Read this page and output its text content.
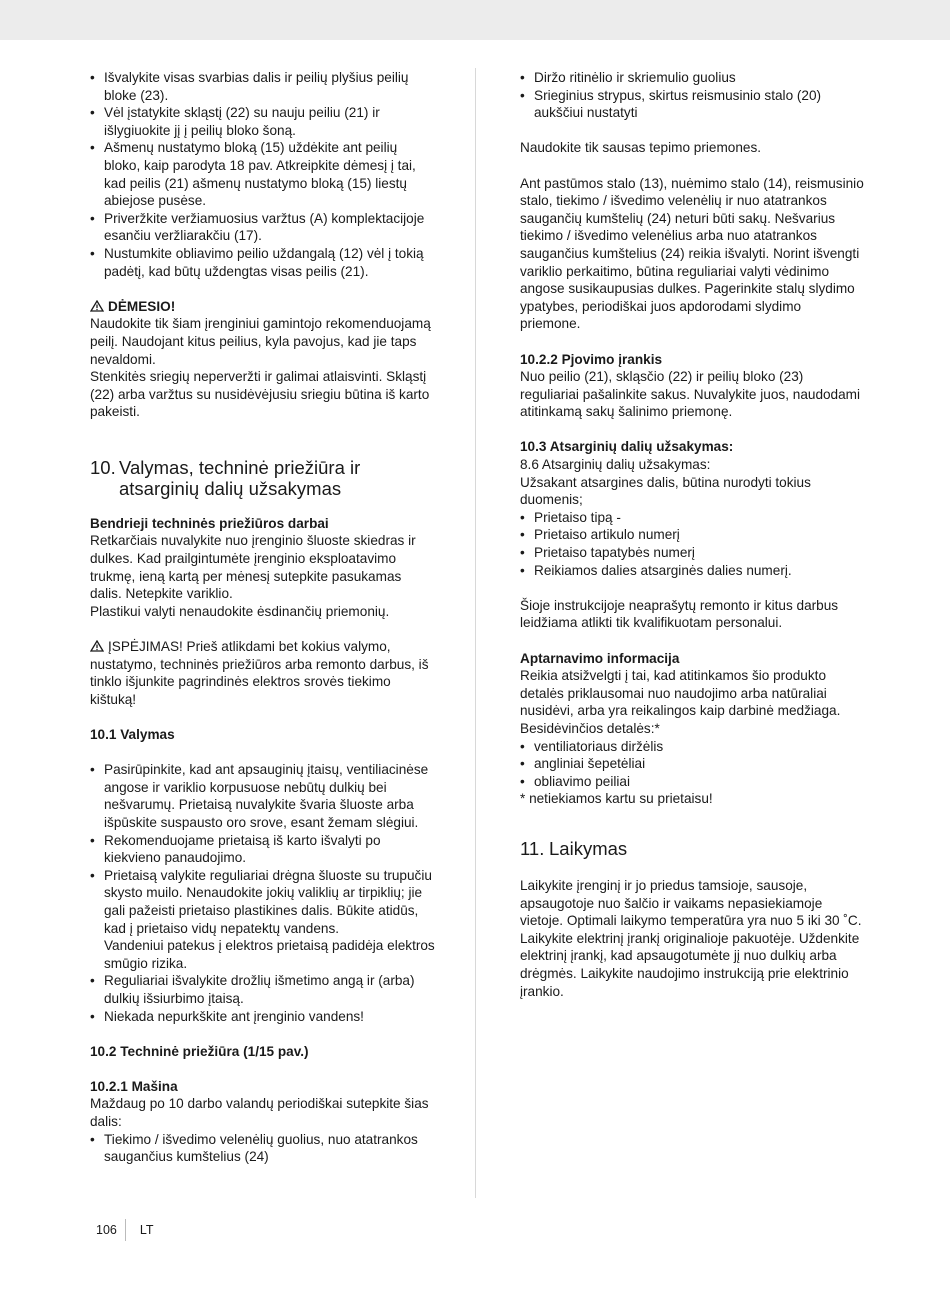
• Išvalykite visas svarbias dalis ir peilių plyšius peilių bloke (23).
• Vėl įstatykite skląstį (22) su nauju peiliu (21) ir išlygiuokite jį į peilių bloko šoną.
• Ašmenų nustatymo bloką (15) uždėkite ant peilių bloko, kaip parodyta 18 pav. Atkreipkite dėmesį į tai, kad peilis (21) ašmenų nustatymo bloką (15) liestų abiejose pusėse.
• Priveržkite veržiamuosius varžtus (A) komplektacijoje esančiu veržliarakčiu (17).
• Nustumkite obliavimo peilio uždangalą (12) vėl į tokią padėtį, kad būtų uždengtas visas peilis (21).

DĖMESIO!

Naudokite tik šiam įrenginiui gamintojo rekomenduojamą peilį. Naudojant kitus peilius, kyla pavojus, kad jie taps nevaldomi.

Stenkitės sriegių neperveržti ir galimai atlaisvinti. Skląstį (22) arba varžtus su nusidėvėjusiu sriegiu būtina iš karto pakeisti.

10. Valymas, techninė priežiūra ir
atsarginių dalių užsakymas

Bendrieji techninės priežiūros darbai

Retkarčiais nuvalykite nuo įrenginio šluoste skiedras ir dulkes. Kad prailgintumėte įrenginio eksploatavimo trukmę, ieną kartą per mėnesį sutepkite pasukamas dalis. Netepkite variklio.

Plastikui valyti nenaudokite ėsdinančių priemonių.

ĮSPĖJIMAS! Prieš atlikdami bet kokius valymo, nustatymo, techninės priežiūros arba remonto darbus, iš tinklo išjunkite pagrindinės elektros srovės tiekimo kištuką!

10.1 Valymas

• Pasirūpinkite, kad ant apsauginių įtaisų, ventiliacinėse angose ir variklio korpusuose nebūtų dulkių bei nešvarumų. Prietaisą nuvalykite švaria šluoste arba išpūskite suspausto oro srove, esant žemam slėgiui.
• Rekomenduojame prietaisą iš karto išvalyti po kiekvieno panaudojimo.
• Prietaisą valykite reguliariai drėgna šluoste su trupučiu skysto muilo. Nenaudokite jokių valiklių ar tirpiklių; jie gali pažeisti prietaiso plastikines dalis. Būkite atidūs, kad į prietaiso vidų nepatektų vandens.
Vandeniui patekus į elektros prietaisą padidėja elektros smūgio rizika.
• Reguliariai išvalykite drožlių išmetimo angą ir (arba) dulkių išsiurbimo įtaisą.
• Niekada nepurkškite ant įrenginio vandens!

10.2 Techninė priežiūra (1/15 pav.)

10.2.1 Mašina

Maždaug po 10 darbo valandų periodiškai sutepkite šias dalis:

• Tiekimo / išvedimo velenėlių guolius, nuo atatrankos saugančius kumštelius (24)
• Diržo ritinėlio ir skriemulio guolius
• Srieginius strypus, skirtus reismusinio stalo (20) aukščiui nustatyti

Naudokite tik sausas tepimo priemones.

Ant pastūmos stalo (13), nuėmimo stalo (14), reismusinio stalo, tiekimo / išvedimo velenėlių ir nuo atatrankos saugančių kumštelių (24) neturi būti sakų. Nešvarius tiekimo / išvedimo velenėlius arba nuo atatrankos saugančius kumštelius (24) reikia išvalyti. Norint išvengti variklio perkaitimo, būtina reguliariai valyti vėdinimo angose susikaupusias dulkes. Pagerinkite stalų slydimo ypatybes, periodiškai juos apdorodami slydimo priemone.

10.2.2 Pjovimo įrankis

Nuo peilio (21), skląsčio (22) ir peilių bloko (23) reguliariai pašalinkite sakus. Nuvalykite juos, naudodami atitinkamą sakų šalinimo priemonę.

10.3 Atsarginių dalių užsakymas:

8.6 Atsarginių dalių užsakymas:

Užsakant atsargines dalis, būtina nurodyti tokius duomenis;

• Prietaiso tipą -
• Prietaiso artikulo numerį
• Prietaiso tapatybės numerį
• Reikiamos dalies atsarginės dalies numerį.

Šioje instrukcijoje neaprašytų remonto ir kitus darbus leidžiama atlikti tik kvalifikuotam personalui.

Aptarnavimo informacija

Reikia atsižvelgti į tai, kad atitinkamos šio produkto detalės priklausomai nuo naudojimo arba natūraliai nusidėvi, arba yra reikalingos kaip darbinė medžiaga.

Besidėvinčios detalės:*

• ventiliatoriaus diržėlis
• angliniai šepetėliai
• obliavimo peiliai

* netiekiamos kartu su prietaisu!

11. Laikymas

Laikykite įrenginį ir jo priedus tamsioje, sausoje, apsaugotoje nuo šalčio ir vaikams nepasiekiamoje vietoje. Optimali laikymo temperatūra yra nuo 5 iki 30 ˚C. Laikykite elektrinį įrankį originalioje pakuotėje. Uždenkite elektrinį įrankį, kad apsaugotumėte jį nuo dulkių arba drėgmės. Laikykite naudojimo instrukciją prie elektrinio įrankio.

106 LT
